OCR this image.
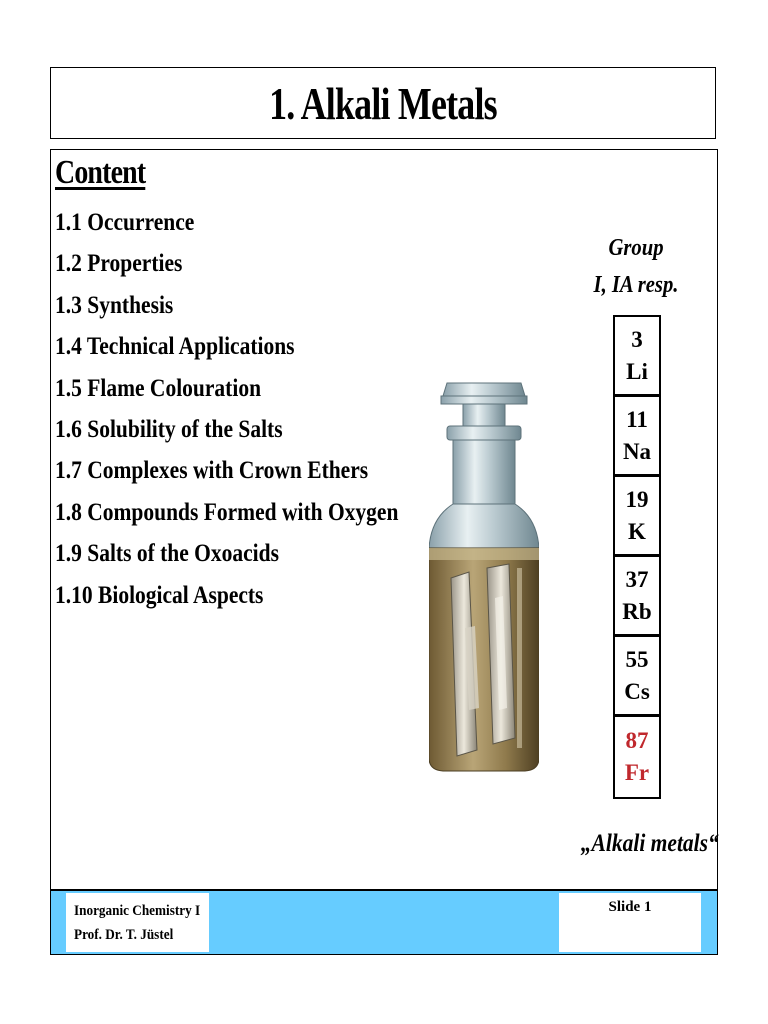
1. Alkali Metals
Content
1.1 Occurrence
1.2 Properties
1.3 Synthesis
1.4 Technical Applications
1.5 Flame Colouration
1.6 Solubility of the Salts
1.7 Complexes with Crown Ethers
1.8 Compounds Formed with Oxygen
1.9 Salts of the Oxoacids
1.10 Biological Aspects
Group
I, IA resp.
3
Li
11
Na
19
K
37
Rb
55
Cs
87
Fr
„Alkali metals“
Inorganic Chemistry I
Prof. Dr. T. Jüstel
Slide 1
